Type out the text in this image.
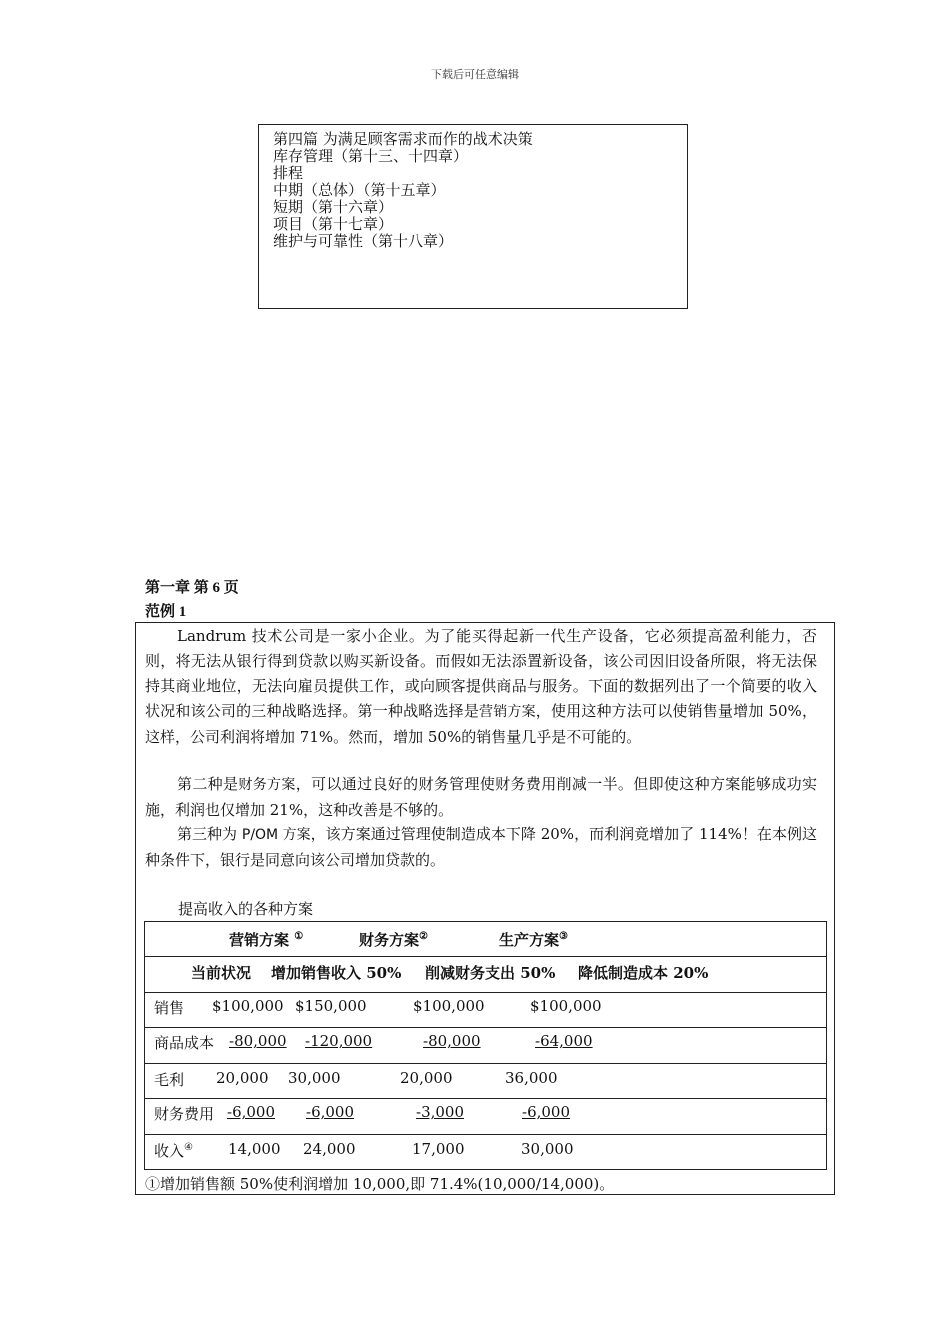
下载后可任意编辑
第四篇 为满足顾客需求而作的战术决策
库存管理（第十三、十四章）
排程
中期（总体）（第十五章）
短期（第十六章）
项目（第十七章）
维护与可靠性（第十八章）
第一章 第 6 页
范例 1

Landrum 技术公司是一家小企业。为了能买得起新一代生产设备，它必须提高盈利能力，否则，将无法从银行得到贷款以购买新设备。而假如无法添置新设备，该公司因旧设备所限，将无法保持其商业地位，无法向雇员提供工作，或向顾客提供商品与服务。下面的数据列出了一个简要的收入状况和该公司的三种战略选择。第一种战略选择是营销方案，使用这种方法可以使销售量增加 50%，这样，公司利润将增加 71%。然而，增加 50%的销售量几乎是不可能的。

第二种是财务方案，可以通过良好的财务管理使财务费用削减一半。但即使这种方案能够成功实施，利润也仅增加 21%，这种改善是不够的。

第三种为 P/OM 方案，该方案通过管理使制造成本下降 20%，而利润竟增加了 114%！在本例这种条件下，银行是同意向该公司增加贷款的。

提高收入的各种方案
营销方案 ①	财务方案②	生产方案③
当前状况 增加销售收入 50% 削减财务支出 50% 降低制造成本 20%
销售 $100,000 $150,000	$100,000	$100,000
商品成本 -80,000 -120,000	-80,000	-64,000
毛利 20,000 30,000	20,000	36,000
财务费用 -6,000 -6,000	-3,000	-6,000
收入④ 14,000 24,000	17,000	30,000
①增加销售额 50%使利润增加 10,000,即 71.4%(10,000/14,000)。
